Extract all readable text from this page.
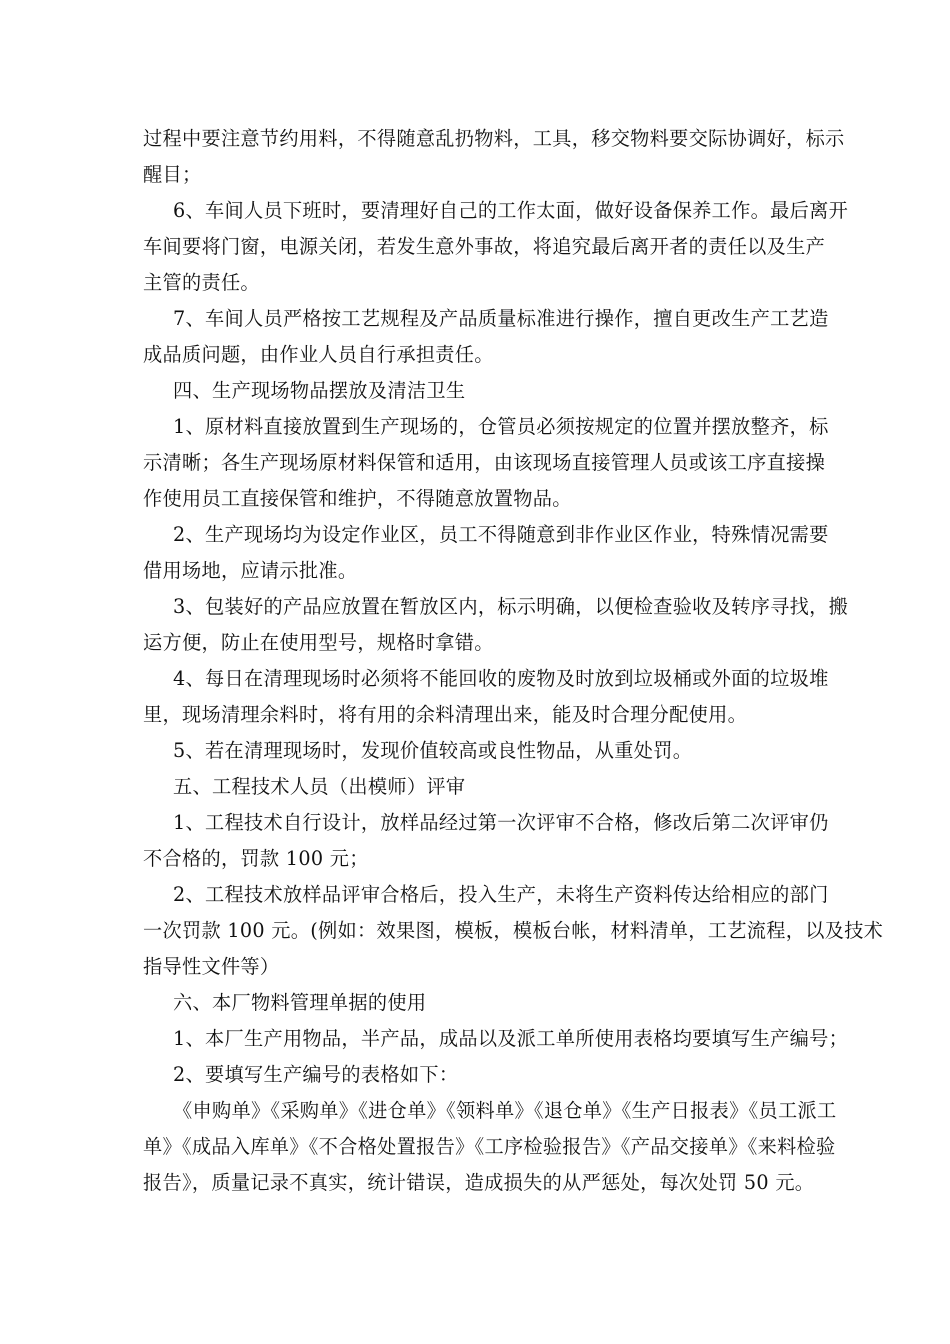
过程中要注意节约用料，不得随意乱扔物料，工具，移交物料要交际协调好，标示
醒目；
6、车间人员下班时，要清理好自己的工作太面，做好设备保养工作。最后离开
车间要将门窗，电源关闭，若发生意外事故，将追究最后离开者的责任以及生产
主管的责任。
7、车间人员严格按工艺规程及产品质量标准进行操作，擅自更改生产工艺造
成品质问题，由作业人员自行承担责任。
四、生产现场物品摆放及清洁卫生
1、原材料直接放置到生产现场的，仓管员必须按规定的位置并摆放整齐，标
示清晰；各生产现场原材料保管和适用，由该现场直接管理人员或该工序直接操
作使用员工直接保管和维护，不得随意放置物品。
2、生产现场均为设定作业区，员工不得随意到非作业区作业，特殊情况需要
借用场地，应请示批准。
3、包装好的产品应放置在暂放区内，标示明确，以便检查验收及转序寻找，搬
运方便，防止在使用型号，规格时拿错。
4、每日在清理现场时必须将不能回收的废物及时放到垃圾桶或外面的垃圾堆
里，现场清理余料时，将有用的余料清理出来，能及时合理分配使用。
5、若在清理现场时，发现价值较高或良性物品，从重处罚。
五、工程技术人员（出模师）评审
1、工程技术自行设计，放样品经过第一次评审不合格，修改后第二次评审仍
不合格的，罚款 100 元；
2、工程技术放样品评审合格后，投入生产，未将生产资料传达给相应的部门
一次罚款 100 元。(例如：效果图，模板，模板台帐，材料清单，工艺流程，以及技术
指导性文件等）
六、本厂物料管理单据的使用
1、本厂生产用物品，半产品，成品以及派工单所使用表格均要填写生产编号；
2、要填写生产编号的表格如下：
《申购单》《采购单》《进仓单》《领料单》《退仓单》《生产日报表》《员工派工
单》《成品入库单》《不合格处置报告》《工序检验报告》《产品交接单》《来料检验
报告》，质量记录不真实，统计错误，造成损失的从严惩处，每次处罚 50 元。
